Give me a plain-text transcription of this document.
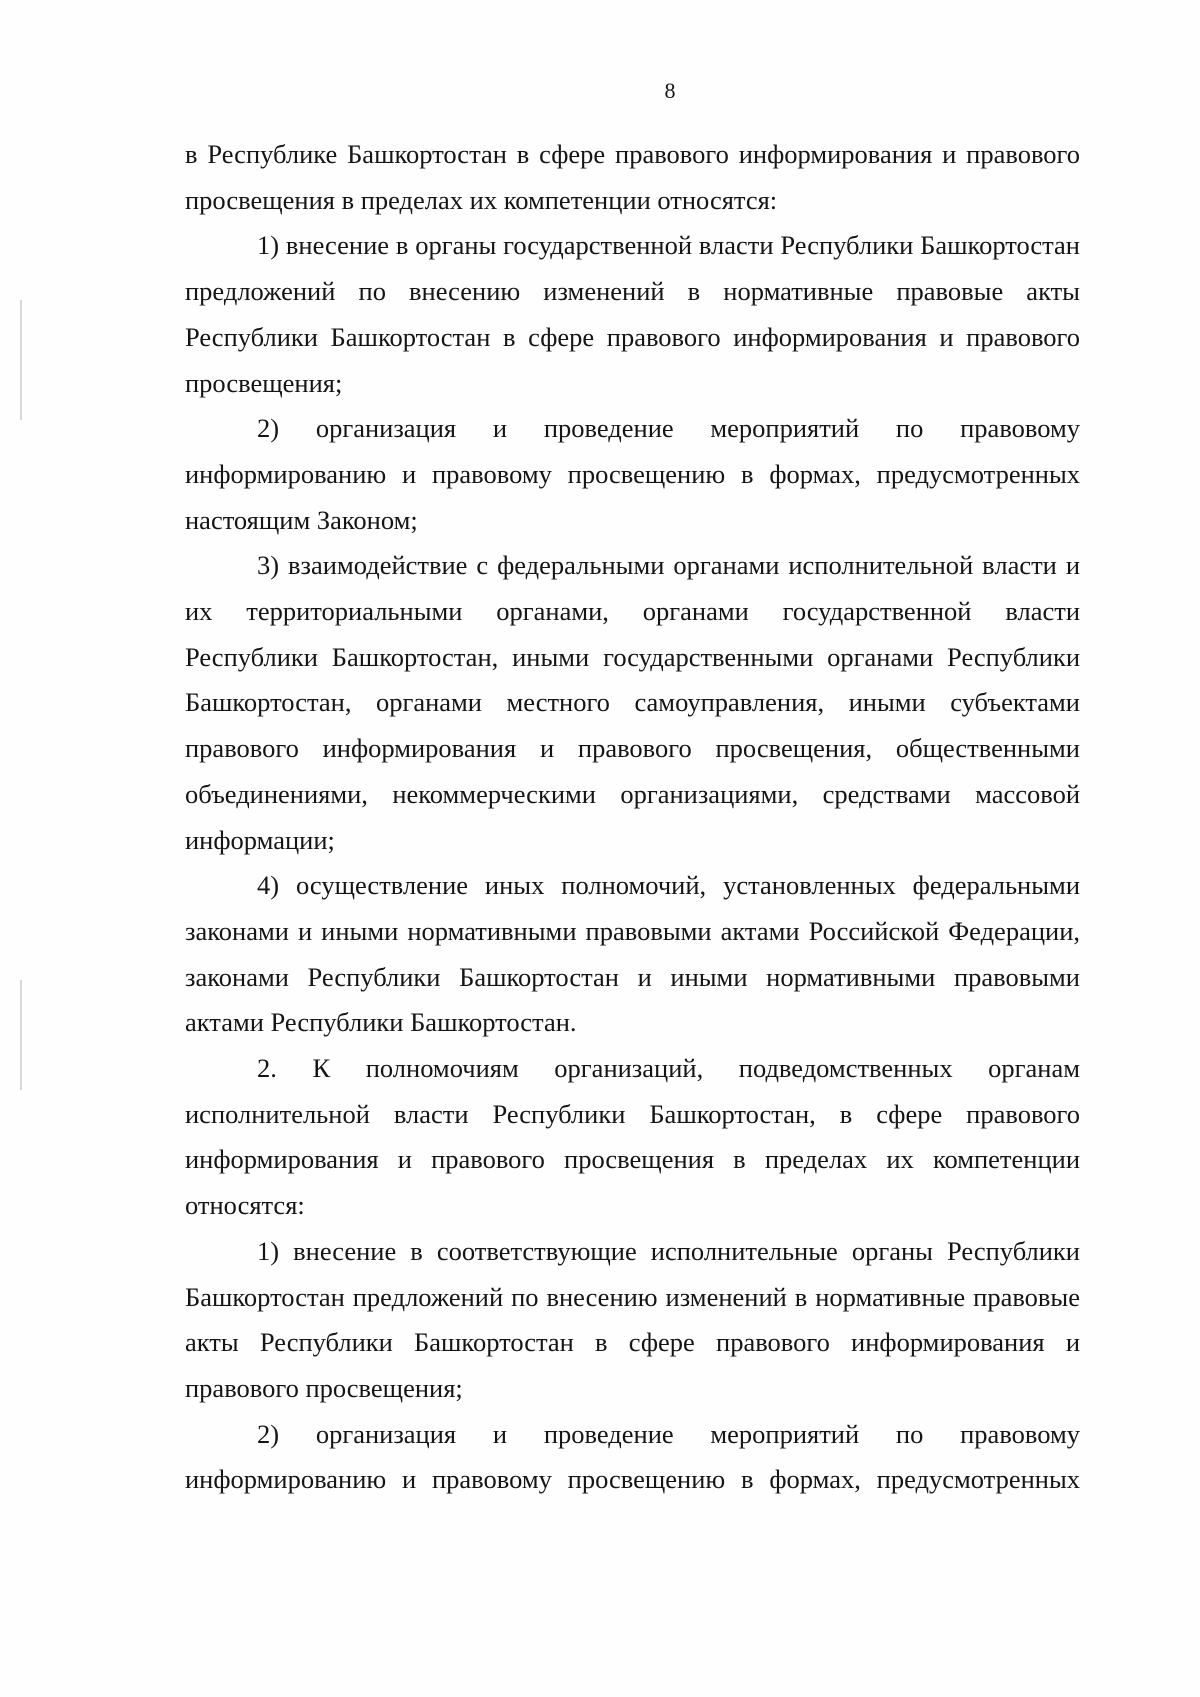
8

в Республике Башкортостан в сфере правового информирования и правового просвещения в пределах их компетенции относятся:

1) внесение в органы государственной власти Республики Башкортостан предложений по внесению изменений в нормативные правовые акты Республики Башкортостан в сфере правового информирования и правового просвещения;

2) организация и проведение мероприятий по правовому информированию и правовому просвещению в формах, предусмотренных настоящим Законом;

3) взаимодействие с федеральными органами исполнительной власти и их территориальными органами, органами государственной власти Республики Башкортостан, иными государственными органами Республики Башкортостан, органами местного самоуправления, иными субъектами правового информирования и правового просвещения, общественными объединениями, некоммерческими организациями, средствами массовой информации;

4) осуществление иных полномочий, установленных федеральными законами и иными нормативными правовыми актами Российской Федерации, законами Республики Башкортостан и иными нормативными правовыми актами Республики Башкортостан.

2. К полномочиям организаций, подведомственных органам исполнительной власти Республики Башкортостан, в сфере правового информирования и правового просвещения в пределах их компетенции относятся:

1) внесение в соответствующие исполнительные органы Республики Башкортостан предложений по внесению изменений в нормативные правовые акты Республики Башкортостан в сфере правового информирования и правового просвещения;

2) организация и проведение мероприятий по правовому информированию и правовому просвещению в формах, предусмотренных
